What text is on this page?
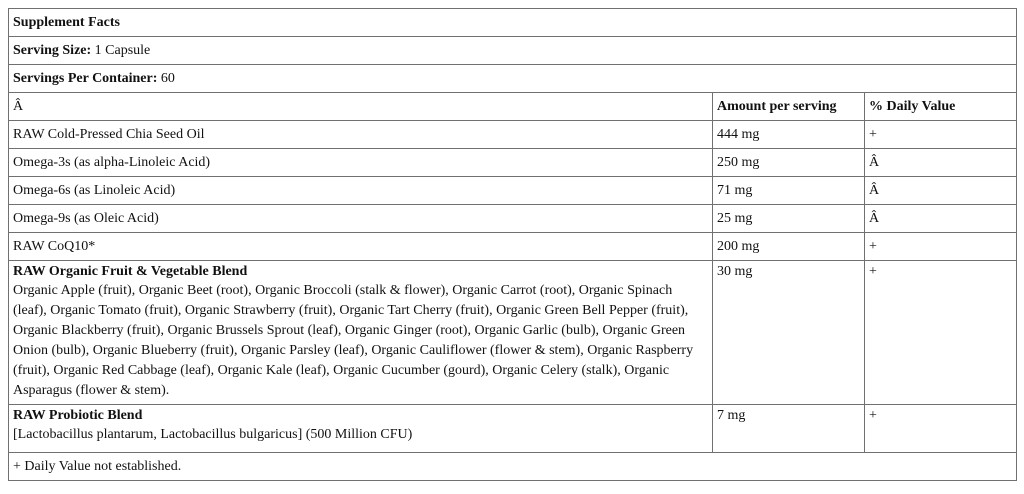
Supplement Facts		
Serving Size: 1 Capsule		
Servings Per Container: 60		
Â	Amount per serving	% Daily Value
RAW Cold-Pressed Chia Seed Oil	444 mg	+
Omega-3s (as alpha-Linoleic Acid)	250 mg	Â
Omega-6s (as Linoleic Acid)	71 mg	Â
Omega-9s (as Oleic Acid)	25 mg	Â
RAW CoQ10*	200 mg	+

RAW Organic Fruit & Vegetable Blend
Organic Apple (fruit), Organic Beet (root), Organic Broccoli (stalk & flower), Organic Carrot (root), Organic Spinach (leaf), Organic Tomato (fruit), Organic Strawberry (fruit), Organic Tart Cherry (fruit), Organic Green Bell Pepper (fruit), Organic Blackberry (fruit), Organic Brussels Sprout (leaf), Organic Ginger (root), Organic Garlic (bulb), Organic Green Onion (bulb), Organic Blueberry (fruit), Organic Parsley (leaf), Organic Cauliflower (flower & stem), Organic Raspberry (fruit), Organic Red Cabbage (leaf), Organic Kale (leaf), Organic Cucumber (gourd), Organic Celery (stalk), Organic Asparagus (flower & stem).	30 mg	+

RAW Probiotic Blend
[Lactobacillus plantarum, Lactobacillus bulgaricus] (500 Million CFU)	7 mg	+
+ Daily Value not established.		
